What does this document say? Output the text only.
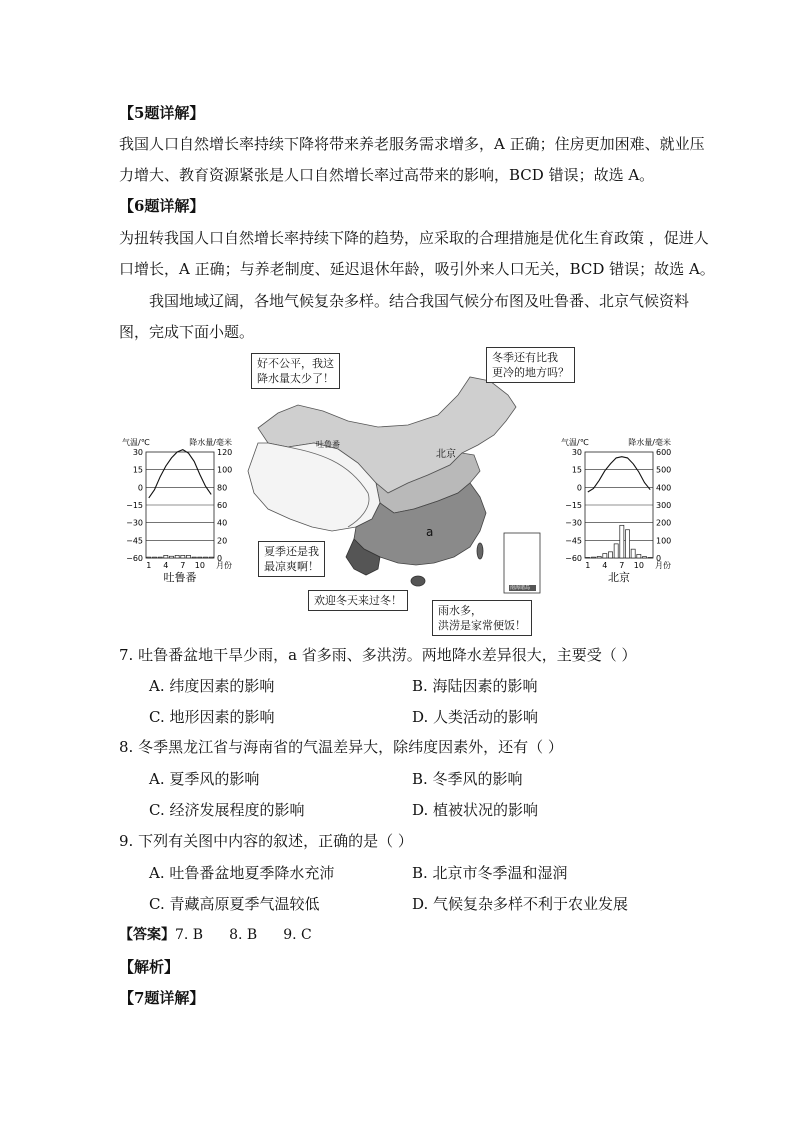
【5题详解】
我国人口自然增长率持续下降将带来养老服务需求增多，A 正确；住房更加困难、就业压
力增大、教育资源紧张是人口自然增长率过高带来的影响，BCD 错误；故选 A。
【6题详解】
为扭转我国人口自然增长率持续下降的趋势，应采取的合理措施是优化生育政策 ，促进人
口增长，A 正确；与养老制度、延迟退休年龄，吸引外来人口无关，BCD 错误；故选 A。
我国地域辽阔，各地气候复杂多样。结合我国气候分布图及吐鲁番、北京气候资料
图，完成下面小题。
吐鲁番
北京
a
南海诸岛
好不公平，我这
降水量太少了！
冬季还有比我
更冷的地方吗？
夏季还是我
最凉爽啊！
欢迎冬天来过冬！
雨水多，
洪涝是家常便饭！
30
15
0
−15
−30
−45
−60
120
100
80
60
40
20
0
气温/℃	降水量/毫米
1 4 7 10 月份
吐鲁番
30
15
0
−15
−30
−45
−60
600
500
400
300
200
100
0
气温/℃	降水量/毫米
1 4 7 10 月份
北京
7. 吐鲁番盆地干旱少雨，a 省多雨、多洪涝。两地降水差异很大，主要受（ ）
A. 纬度因素的影响	B. 海陆因素的影响
C. 地形因素的影响	D. 人类活动的影响
8. 冬季黑龙江省与海南省的气温差异大，除纬度因素外，还有（ ）
A. 夏季风的影响	B. 冬季风的影响
C. 经济发展程度的影响	D. 植被状况的影响
9. 下列有关图中内容的叙述，正确的是（ ）
A. 吐鲁番盆地夏季降水充沛	B. 北京市冬季温和湿润
C. 青藏高原夏季气温较低	D. 气候复杂多样不利于农业发展
【答案】7. B 8. B 9. C
【解析】
【7题详解】
